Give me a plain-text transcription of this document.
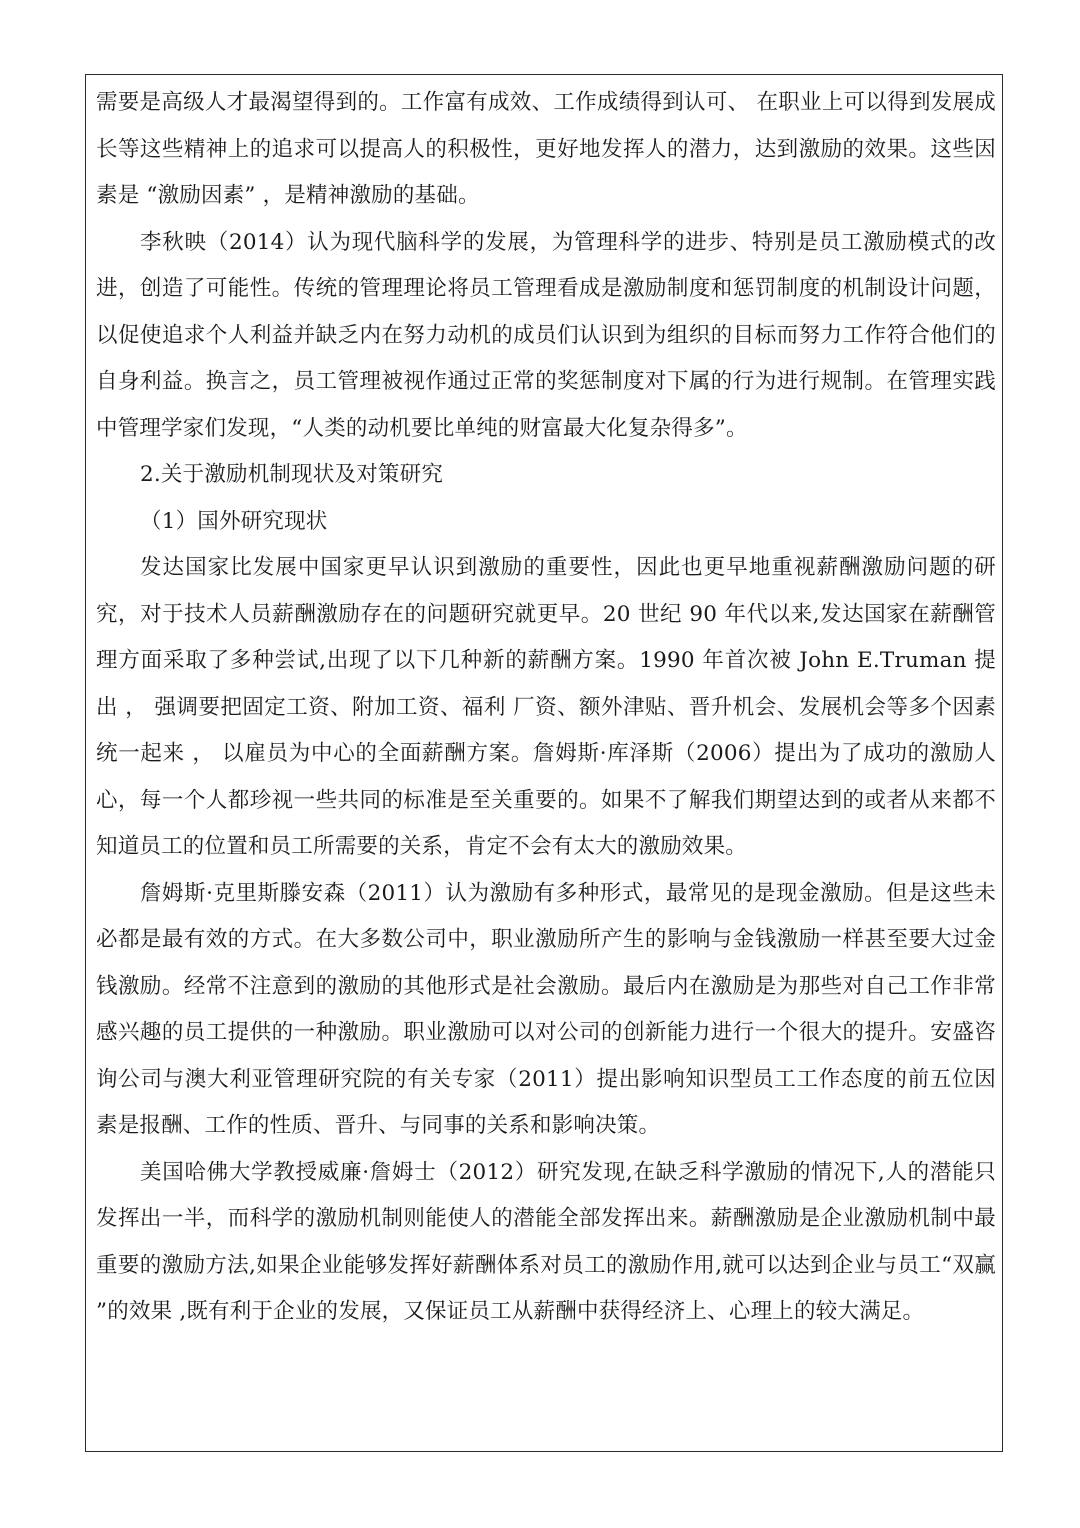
需要是高级人才最渴望得到的。工作富有成效、工作成绩得到认可、 在职业上可以得到发展成长等这些精神上的追求可以提高人的积极性，更好地发挥人的潜力，达到激励的效果。这些因素是 “激励因素” ，是精神激励的基础。

李秋映（2014）认为现代脑科学的发展，为管理科学的进步、特别是员工激励模式的改进，创造了可能性。传统的管理理论将员工管理看成是激励制度和惩罚制度的机制设计问题，以促使追求个人利益并缺乏内在努力动机的成员们认识到为组织的目标而努力工作符合他们的自身利益。换言之，员工管理被视作通过正常的奖惩制度对下属的行为进行规制。在管理实践中管理学家们发现，“人类的动机要比单纯的财富最大化复杂得多”。

2.关于激励机制现状及对策研究

（1）国外研究现状

发达国家比发展中国家更早认识到激励的重要性，因此也更早地重视薪酬激励问题的研究，对于技术人员薪酬激励存在的问题研究就更早。20 世纪 90 年代以来,发达国家在薪酬管理方面采取了多种尝试,出现了以下几种新的薪酬方案。1990 年首次被 John E.Truman 提出 ， 强调要把固定工资、附加工资、福利 厂资、额外津贴、晋升机会、发展机会等多个因素统一起来 ， 以雇员为中心的全面薪酬方案。詹姆斯·库泽斯（2006）提出为了成功的激励人心，每一个人都珍视一些共同的标准是至关重要的。如果不了解我们期望达到的或者从来都不知道员工的位置和员工所需要的关系，肯定不会有太大的激励效果。

詹姆斯·克里斯滕安森（2011）认为激励有多种形式，最常见的是现金激励。但是这些未必都是最有效的方式。在大多数公司中，职业激励所产生的影响与金钱激励一样甚至要大过金钱激励。经常不注意到的激励的其他形式是社会激励。最后内在激励是为那些对自己工作非常感兴趣的员工提供的一种激励。职业激励可以对公司的创新能力进行一个很大的提升。安盛咨询公司与澳大利亚管理研究院的有关专家（2011）提出影响知识型员工工作态度的前五位因素是报酬、工作的性质、晋升、与同事的关系和影响决策。

美国哈佛大学教授威廉·詹姆士（2012）研究发现,在缺乏科学激励的情况下,人的潜能只发挥出一半，而科学的激励机制则能使人的潜能全部发挥出来。薪酬激励是企业激励机制中最重要的激励方法,如果企业能够发挥好薪酬体系对员工的激励作用,就可以达到企业与员工“双赢 ”的效果 ,既有利于企业的发展，又保证员工从薪酬中获得经济上、心理上的较大满足。
